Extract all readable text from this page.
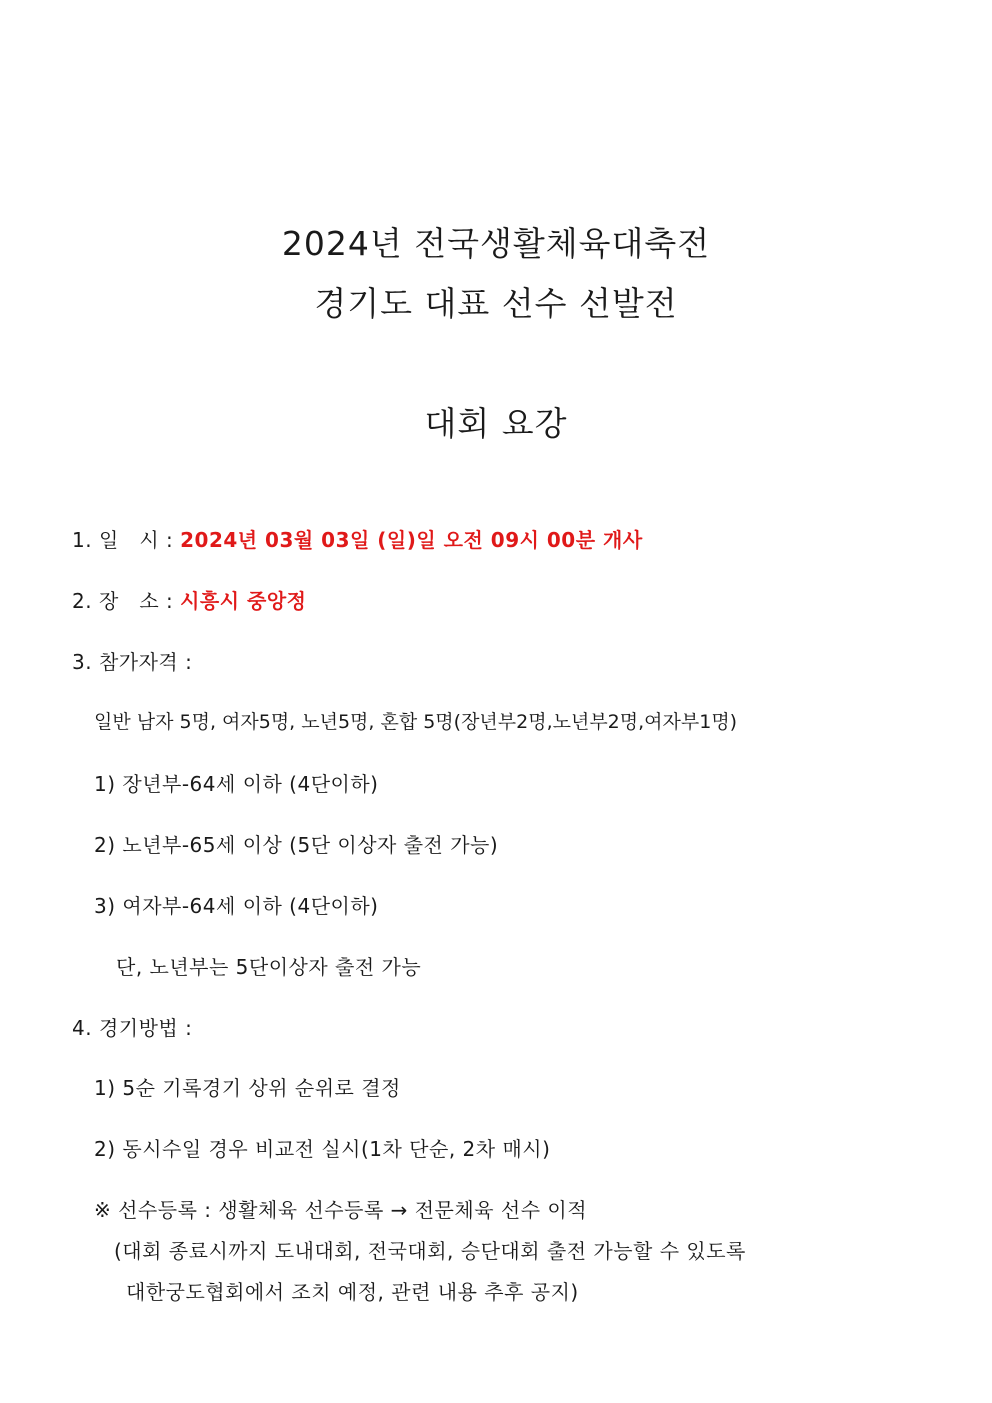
2024년 전국생활체육대축전
경기도 대표 선수 선발전
대회 요강
1. 일   시 : 2024년 03월 03일 (일)일 오전 09시 00분 개사
2. 장   소 : 시흥시 중앙정
3. 참가자격 :
일반 남자 5명, 여자5명, 노년5명, 혼합 5명(장년부2명,노년부2명,여자부1명)
1) 장년부-64세 이하 (4단이하)
2) 노년부-65세 이상 (5단 이상자 출전 가능)
3) 여자부-64세 이하 (4단이하)
단, 노년부는 5단이상자 출전 가능
4. 경기방법 :
1) 5순 기록경기 상위 순위로 결정
2) 동시수일 경우 비교전 실시(1차 단순, 2차 매시)
※ 선수등록 : 생활체육 선수등록 → 전문체육 선수 이적
(대회 종료시까지 도내대회, 전국대회, 승단대회 출전 가능할 수 있도록
대한궁도협회에서 조치 예정, 관련 내용 추후 공지)
